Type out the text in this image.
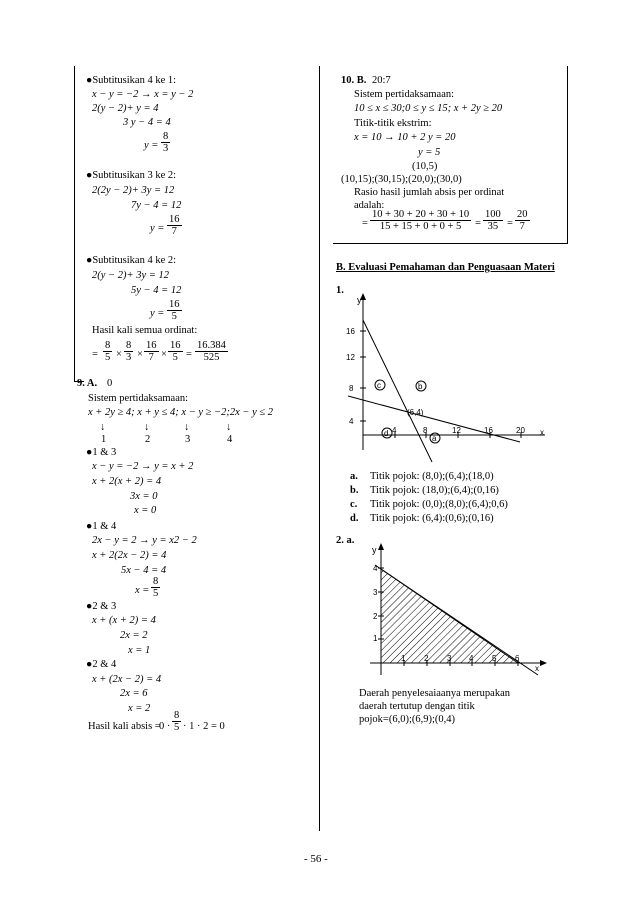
●Subtitusikan 4 ke 1:
x − y = −2 → x = y − 2
2(y − 2)+ y = 4
3 y − 4 = 4
$y = \frac{8}{3}$
●Subtitusikan 3 ke 2:
2(2y − 2)+ 3y = 12
7y − 4 = 12
$y = \frac{16}{7}$
●Subtitusikan 4 ke 2:
2(y − 2)+ 3y = 12
5y − 4 = 12
$y = \frac{16}{5}$
Hasil kali semua ordinat:
= $\frac{8}{5} \times \frac{8}{3} \times \frac{16}{7} \times \frac{16}{5} = \frac{16.384}{525}$
9. A. 0
Sistem pertidaksamaan:
x + 2y ≥ 4; x + y ≤ 4; x − y ≥ −2;2x − y ≤ 2
↓	↓	↓	↓
1	2	3	4
●1 & 3
x − y = −2 → y = x + 2
x + 2(x + 2) = 4
3x = 0
x = 0
●1 & 4
2x − y = 2 → y = x2 − 2
x + 2(2x − 2) = 4
5x − 4 = 4
$x = \frac{8}{5}$
●2 & 3
x + (x + 2) = 4
2x = 2
x = 1
●2 & 4
x + (2x − 2) = 4
2x = 6
x = 2
Hasil kali absis =
$0 \cdot \frac{8}{5} \cdot 1 \cdot 2 = 0$
10. B. 20:7
Sistem pertidaksamaan:
10 ≤ x ≤ 30;0 ≤ y ≤ 15; x + 2y ≥ 20
Titik-titik ekstrim:
x = 10 → 10 + 2 y = 20
y = 5
(10,5)
(10,15);(30,15);(20,0);(30,0)
Rasio hasil jumlah absis per ordinat
adalah:
= $\frac{10 + 30 + 20 + 30 + 10}{15 + 15 + 0 + 0 + 5} = \frac{100}{35} = \frac{20}{7}$
B. Evaluasi Pemahaman dan Penguasaan Materi
1.
y
x
16
12
8
4
4	8	12	16	20
(6,4)
c	b
d
a
a. Titik pojok: (8,0);(6,4);(18,0)
b. Titik pojok: (18,0);(6,4);(0,16)
c. Titik pojok: (0,0);(8,0);(6,4);0,6)
d. Titik pojok: (6,4):(0,6);(0,16)
2. a.
y
x
4
3
2
1
1 2 3 4 5 6
Daerah penyelesaiaanya merupakan
daerah tertutup dengan titik
pojok=(6,0);(6,9);(0,4)
- 56 -
